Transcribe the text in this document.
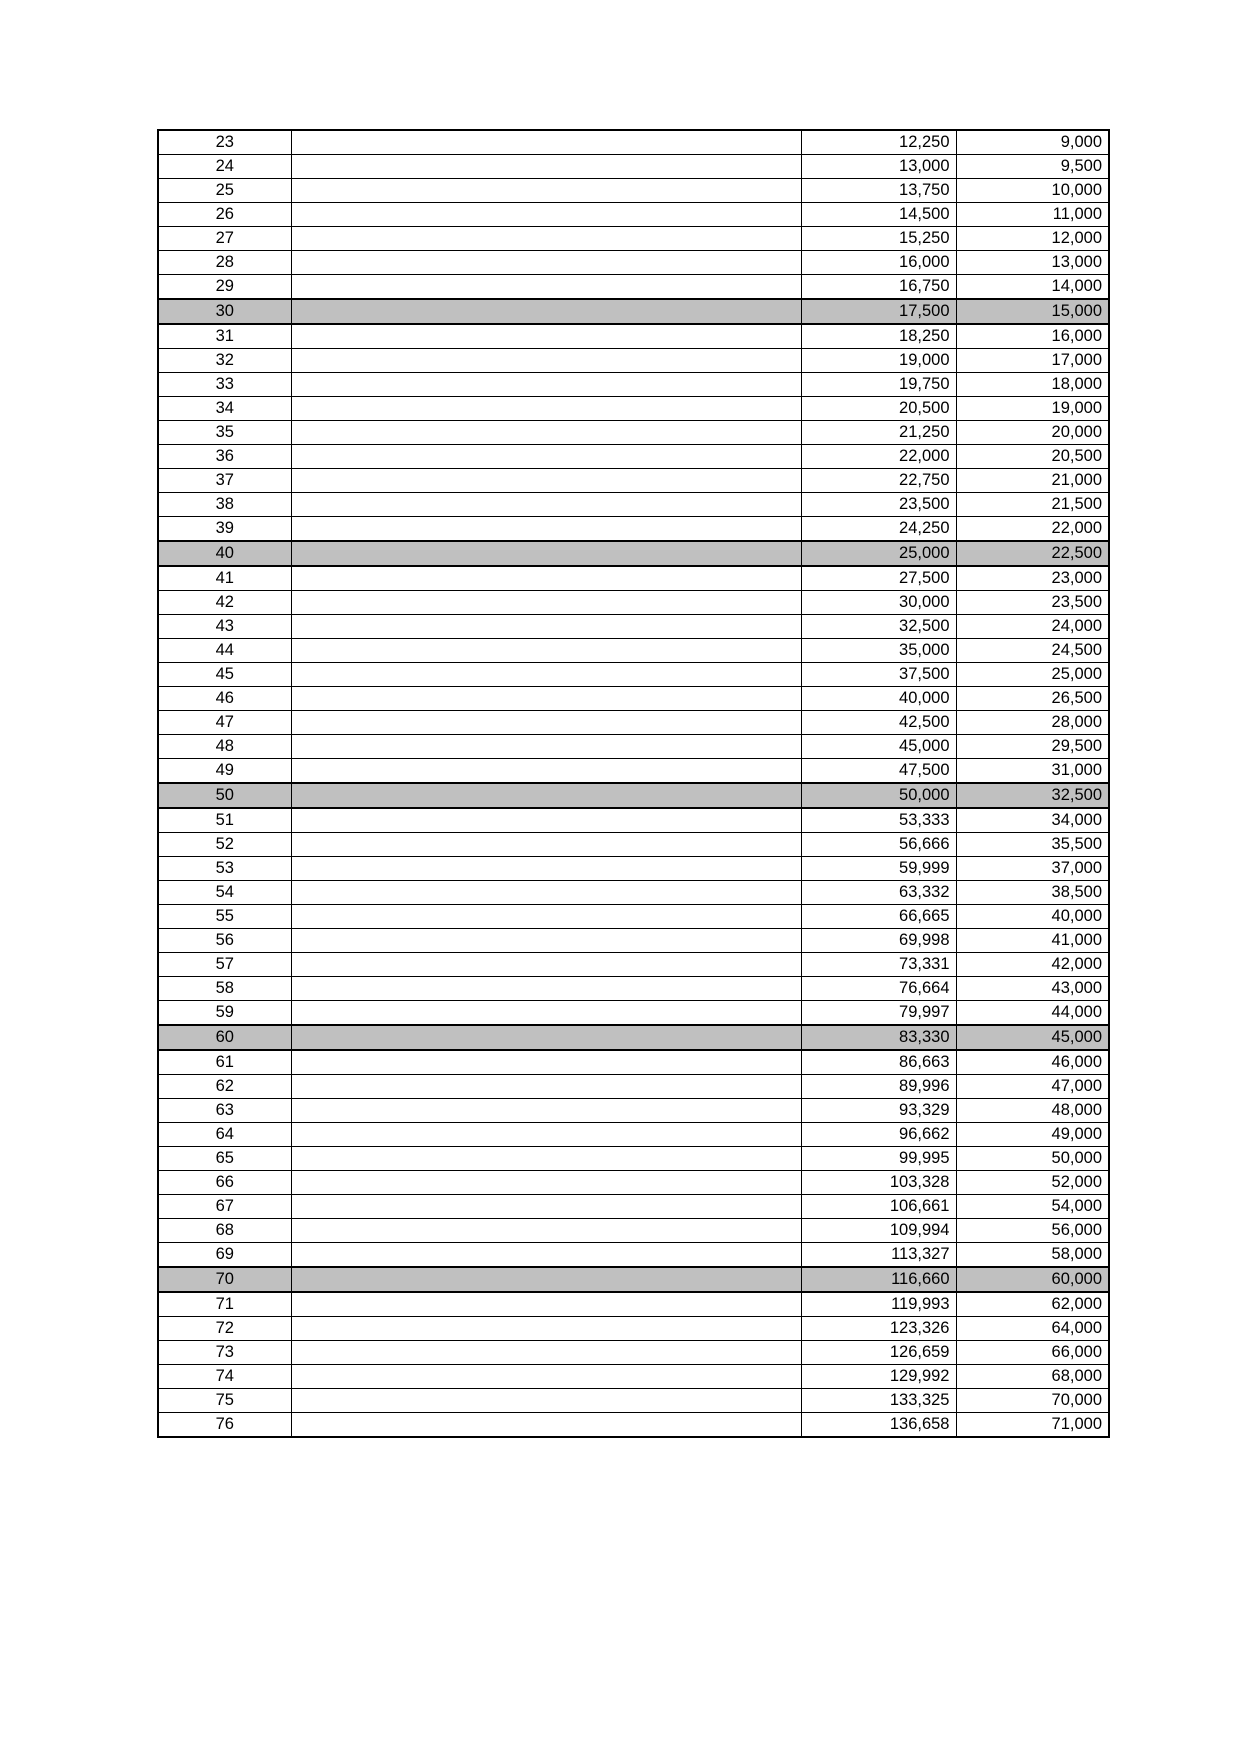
23		12,250	9,000
24		13,000	9,500
25		13,750	10,000
26		14,500	11,000
27		15,250	12,000
28		16,000	13,000
29		16,750	14,000
30		17,500	15,000
31		18,250	16,000
32		19,000	17,000
33		19,750	18,000
34		20,500	19,000
35		21,250	20,000
36		22,000	20,500
37		22,750	21,000
38		23,500	21,500
39		24,250	22,000
40		25,000	22,500
41		27,500	23,000
42		30,000	23,500
43		32,500	24,000
44		35,000	24,500
45		37,500	25,000
46		40,000	26,500
47		42,500	28,000
48		45,000	29,500
49		47,500	31,000
50		50,000	32,500
51		53,333	34,000
52		56,666	35,500
53		59,999	37,000
54		63,332	38,500
55		66,665	40,000
56		69,998	41,000
57		73,331	42,000
58		76,664	43,000
59		79,997	44,000
60		83,330	45,000
61		86,663	46,000
62		89,996	47,000
63		93,329	48,000
64		96,662	49,000
65		99,995	50,000
66		103,328	52,000
67		106,661	54,000
68		109,994	56,000
69		113,327	58,000
70		116,660	60,000
71		119,993	62,000
72		123,326	64,000
73		126,659	66,000
74		129,992	68,000
75		133,325	70,000
76		136,658	71,000
